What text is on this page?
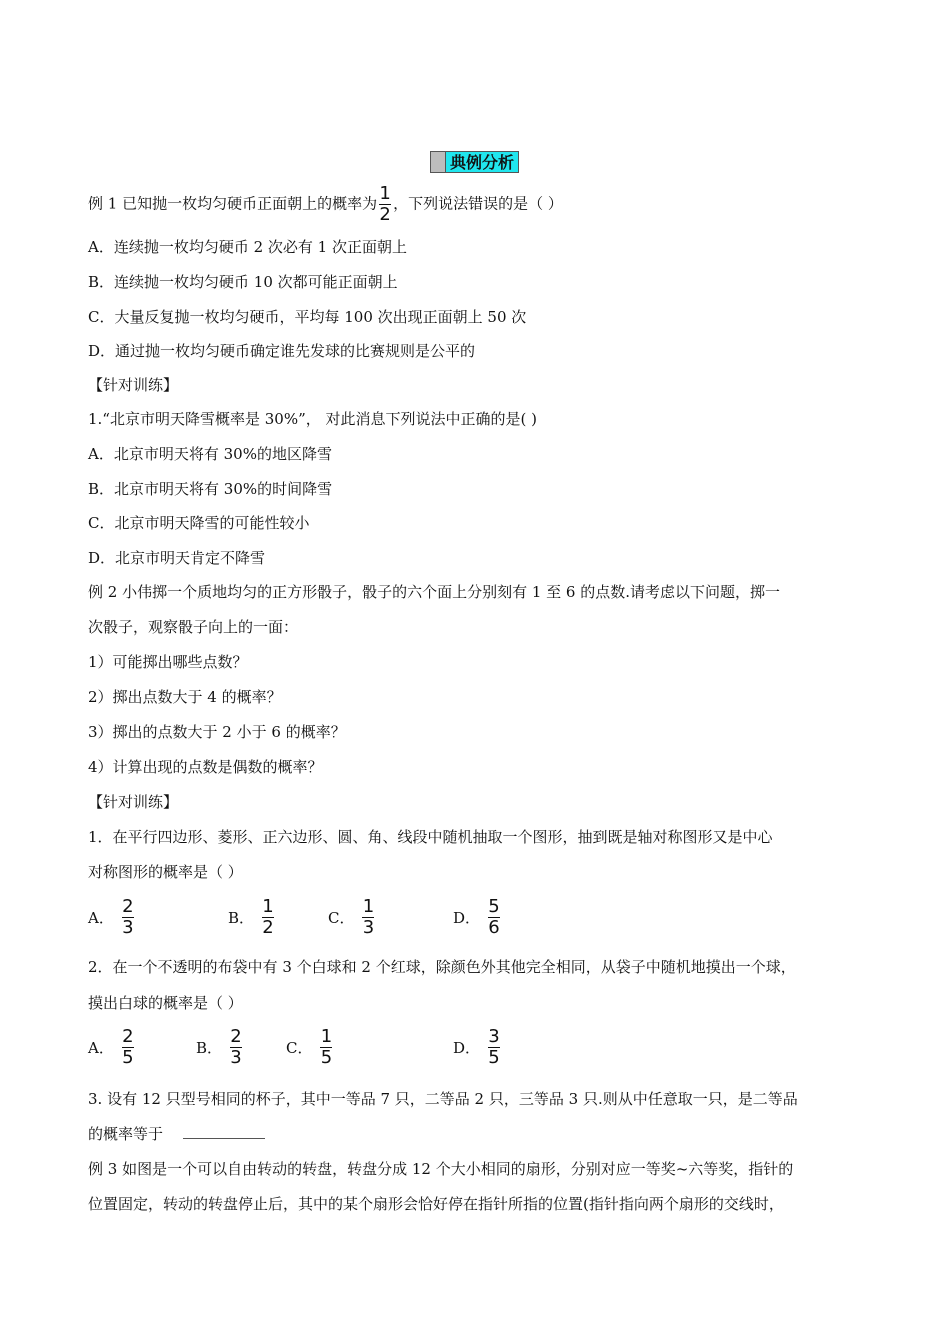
典例分析
例 1 已知抛一枚均匀硬币正面朝上的概率为 $\frac{1}{2}$ ，下列说法错误的是（ ）
A．连续抛一枚均匀硬币 2 次必有 1 次正面朝上
B．连续抛一枚均匀硬币 10 次都可能正面朝上
C．大量反复抛一枚均匀硬币，平均每 100 次出现正面朝上 50 次
D．通过抛一枚均匀硬币确定谁先发球的比赛规则是公平的
【针对训练】
1.“北京市明天降雪概率是 30%”， 对此消息下列说法中正确的是( )
A．北京市明天将有 30%的地区降雪
B．北京市明天将有 30%的时间降雪
C．北京市明天降雪的可能性较小
D．北京市明天肯定不降雪
例 2 小伟掷一个质地均匀的正方形骰子，骰子的六个面上分别刻有 1 至 6 的点数.请考虑以下问题，掷一
次骰子，观察骰子向上的一面：
1）可能掷出哪些点数？
2）掷出点数大于 4 的概率？
3）掷出的点数大于 2 小于 6 的概率？
4）计算出现的点数是偶数的概率？
【针对训练】
1．在平行四边形、菱形、正六边形、圆、角、线段中随机抽取一个图形，抽到既是轴对称图形又是中心
对称图形的概率是（ ）
A． $\frac{2}{3}$	B． $\frac{1}{2}$	C． $\frac{1}{3}$	D． $\frac{5}{6}$
2．在一个不透明的布袋中有 3 个白球和 2 个红球，除颜色外其他完全相同，从袋子中随机地摸出一个球，
摸出白球的概率是（ ）
A． $\frac{2}{5}$	B． $\frac{2}{3}$	C． $\frac{1}{5}$	D． $\frac{3}{5}$
3. 设有 12 只型号相同的杯子，其中一等品 7 只，二等品 2 只，三等品 3 只.则从中任意取一只，是二等品
的概率等于
例 3 如图是一个可以自由转动的转盘，转盘分成 12 个大小相同的扇形，分别对应一等奖~六等奖，指针的
位置固定，转动的转盘停止后，其中的某个扇形会恰好停在指针所指的位置(指针指向两个扇形的交线时，
